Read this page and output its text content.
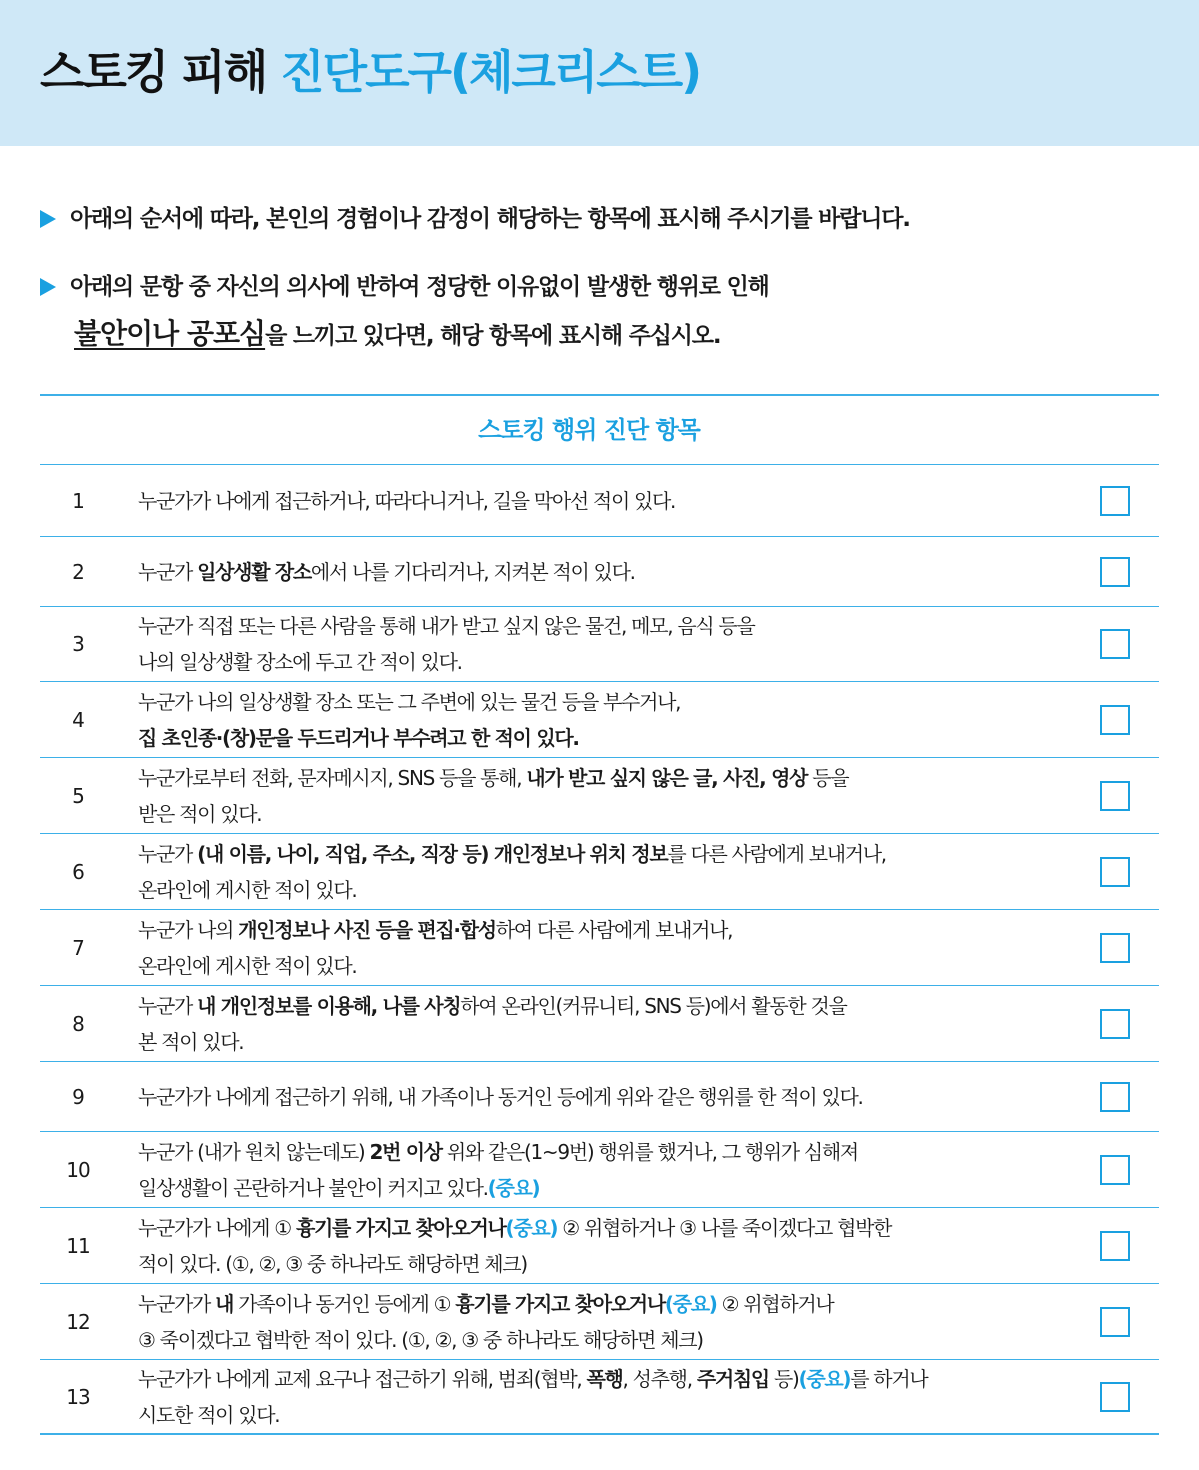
스토킹 피해 진단도구(체크리스트)
아래의 순서에 따라, 본인의 경험이나 감정이 해당하는 항목에 표시해 주시기를 바랍니다.
아래의 문항 중 자신의 의사에 반하여 정당한 이유없이 발생한 행위로 인해
불안이나 공포심을 느끼고 있다면, 해당 항목에 표시해 주십시오.
스토킹 행위 진단 항목
1	누군가가 나에게 접근하거나, 따라다니거나, 길을 막아선 적이 있다.
2	누군가 일상생활 장소에서 나를 기다리거나, 지켜본 적이 있다.
3
누군가 직접 또는 다른 사람을 통해 내가 받고 싶지 않은 물건, 메모, 음식 등을
나의 일상생활 장소에 두고 간 적이 있다.
4
누군가 나의 일상생활 장소 또는 그 주변에 있는 물건 등을 부수거나,
집 초인종·(창)문을 두드리거나 부수려고 한 적이 있다.
5
누군가로부터 전화, 문자메시지, SNS 등을 통해, 내가 받고 싶지 않은 글, 사진, 영상 등을
받은 적이 있다.
6
누군가 (내 이름, 나이, 직업, 주소, 직장 등) 개인정보나 위치 정보를 다른 사람에게 보내거나,
온라인에 게시한 적이 있다.
7
누군가 나의 개인정보나 사진 등을 편집·합성하여 다른 사람에게 보내거나,
온라인에 게시한 적이 있다.
8
누군가 내 개인정보를 이용해, 나를 사칭하여 온라인(커뮤니티, SNS 등)에서 활동한 것을
본 적이 있다.
9	누군가가 나에게 접근하기 위해, 내 가족이나 동거인 등에게 위와 같은 행위를 한 적이 있다.
10
누군가 (내가 원치 않는데도) 2번 이상 위와 같은(1~9번) 행위를 했거나, 그 행위가 심해져
일상생활이 곤란하거나 불안이 커지고 있다.(중요)
11
누군가가 나에게 ① 흉기를 가지고 찾아오거나(중요) ② 위협하거나 ③ 나를 죽이겠다고 협박한
적이 있다. (①, ②, ③ 중 하나라도 해당하면 체크)
12
누군가가 내 가족이나 동거인 등에게 ① 흉기를 가지고 찾아오거나(중요) ② 위협하거나
③ 죽이겠다고 협박한 적이 있다. (①, ②, ③ 중 하나라도 해당하면 체크)
13
누군가가 나에게 교제 요구나 접근하기 위해, 범죄(협박, 폭행, 성추행, 주거침입 등)(중요)를 하거나
시도한 적이 있다.
